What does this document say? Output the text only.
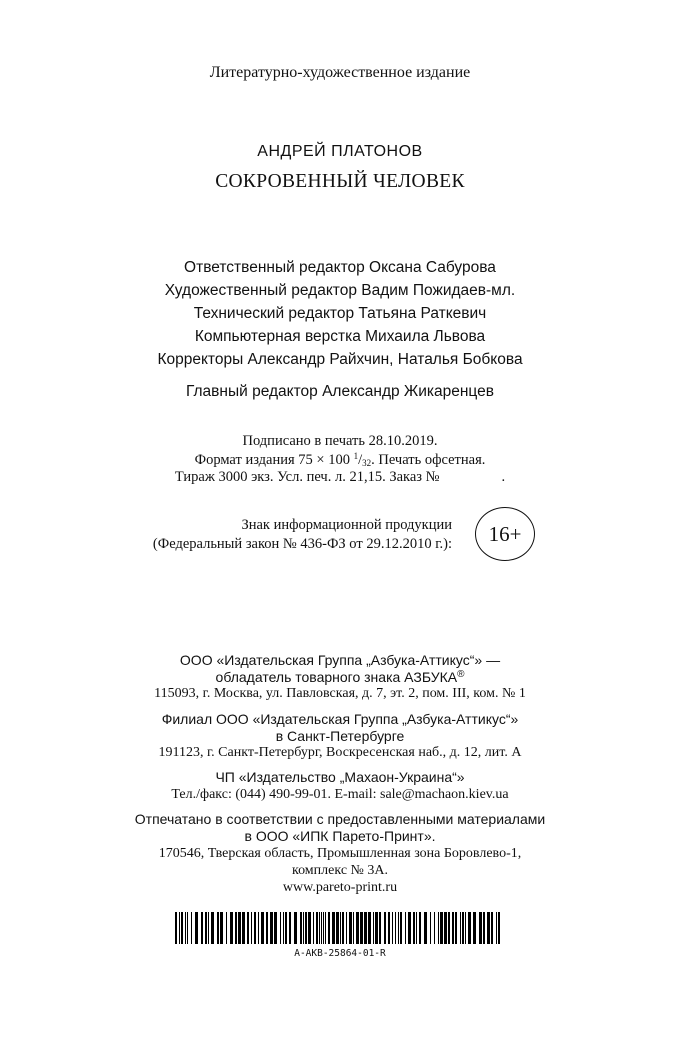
Литературно-художественное издание
АНДРЕЙ ПЛАТОНОВ
СОКРОВЕННЫЙ ЧЕЛОВЕК
Ответственный редактор Оксана Сабурова
Художественный редактор Вадим Пожидаев-мл.
Технический редактор Татьяна Раткевич
Компьютерная верстка Михаила Львова
Корректоры Александр Райхчин, Наталья Бобкова
Главный редактор Александр Жикаренцев
Подписано в печать 28.10.2019.
Формат издания 75 × 100 $^1/_{32}$. Печать офсетная.
Тираж 3000 экз. Усл. печ. л. 21,15. Заказ №	.
Знак информационной продукции
(Федеральный закон № 436-ФЗ от 29.12.2010 г.):	16+
ООО «Издательская Группа „Азбука-Аттикус“» —
обладатель товарного знака АЗБУКА®
115093, г. Москва, ул. Павловская, д. 7, эт. 2, пом. III, ком. № 1
Филиал ООО «Издательская Группа „Азбука-Аттикус“»
в Санкт-Петербурге
191123, г. Санкт-Петербург, Воскресенская наб., д. 12, лит. А
ЧП «Издательство „Махаон-Украина“»
Тел./факс: (044) 490-99-01. E-mail: sale@machaon.kiev.ua
Отпечатано в соответствии с предоставленными материалами
в ООО «ИПК Парето-Принт».
170546, Тверская область, Промышленная зона Боровлево-1,
комплекс № 3А.
www.pareto-print.ru
A-AKB-25864-01-R
